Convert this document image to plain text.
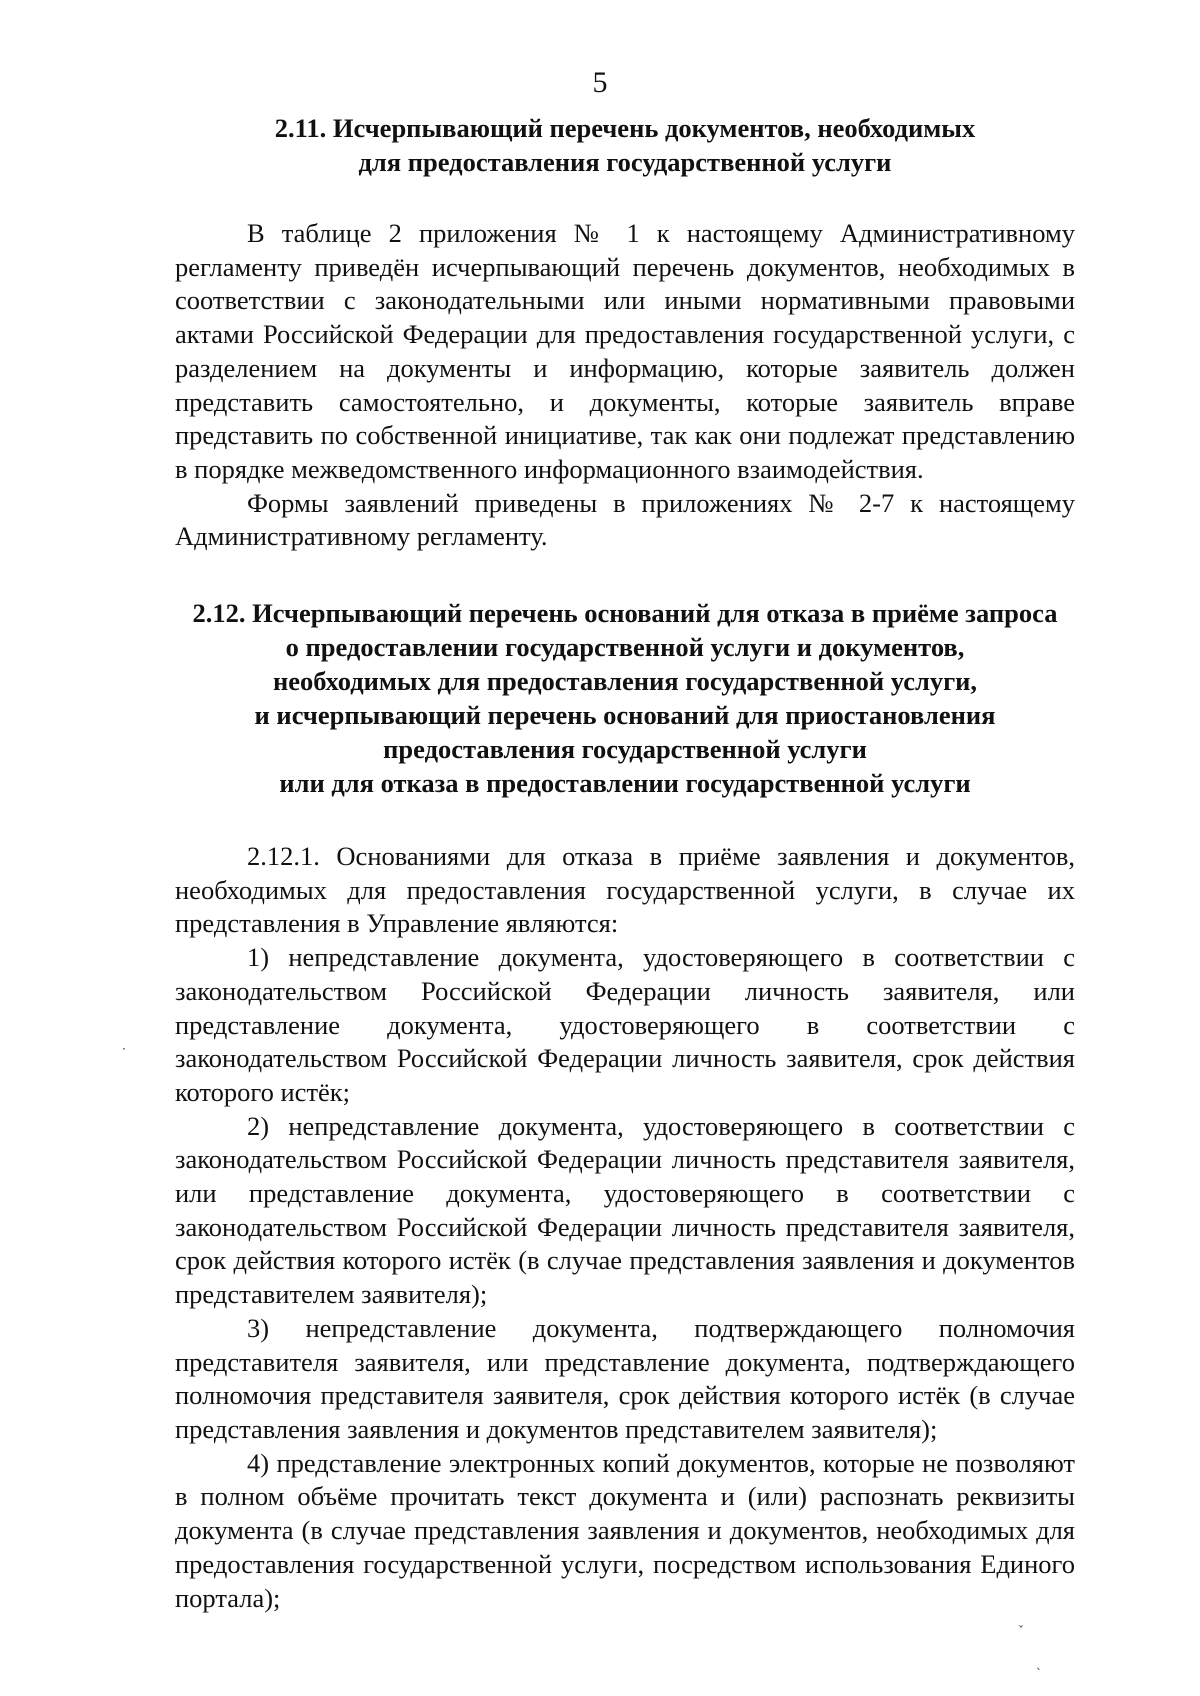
5
2.11. Исчерпывающий перечень документов, необходимых
для предоставления государственной услуги

В таблице 2 приложения № 1 к настоящему Административному регламенту приведён исчерпывающий перечень документов, необходимых в соответствии с законодательными или иными нормативными правовыми актами Российской Федерации для предоставления государственной услуги, с разделением на документы и информацию, которые заявитель должен представить самостоятельно, и документы, которые заявитель вправе представить по собственной инициативе, так как они подлежат представлению в порядке межведомственного информационного взаимодействия.

Формы заявлений приведены в приложениях № 2-7 к настоящему Административному регламенту.

2.12. Исчерпывающий перечень оснований для отказа в приёме запроса
о предоставлении государственной услуги и документов,
необходимых для предоставления государственной услуги,
и исчерпывающий перечень оснований для приостановления
предоставления государственной услуги
или для отказа в предоставлении государственной услуги

2.12.1. Основаниями для отказа в приёме заявления и документов, необходимых для предоставления государственной услуги, в случае их представления в Управление являются:

1) непредставление документа, удостоверяющего в соответствии с законодательством Российской Федерации личность заявителя, или представление документа, удостоверяющего в соответствии с законодательством Российской Федерации личность заявителя, срок действия которого истёк;

2) непредставление документа, удостоверяющего в соответствии с законодательством Российской Федерации личность представителя заявителя, или представление документа, удостоверяющего в соответствии с законодательством Российской Федерации личность представителя заявителя, срок действия которого истёк (в случае представления заявления и документов представителем заявителя);

3) непредставление документа, подтверждающего полномочия представителя заявителя, или представление документа, подтверждающего полномочия представителя заявителя, срок действия которого истёк (в случае представления заявления и документов представителем заявителя);

4) представление электронных копий документов, которые не позволяют в полном объёме прочитать текст документа и (или) распознать реквизиты документа (в случае представления заявления и документов, необходимых для предоставления государственной услуги, посредством использования Единого портала);

·
ˇ
ˎ
